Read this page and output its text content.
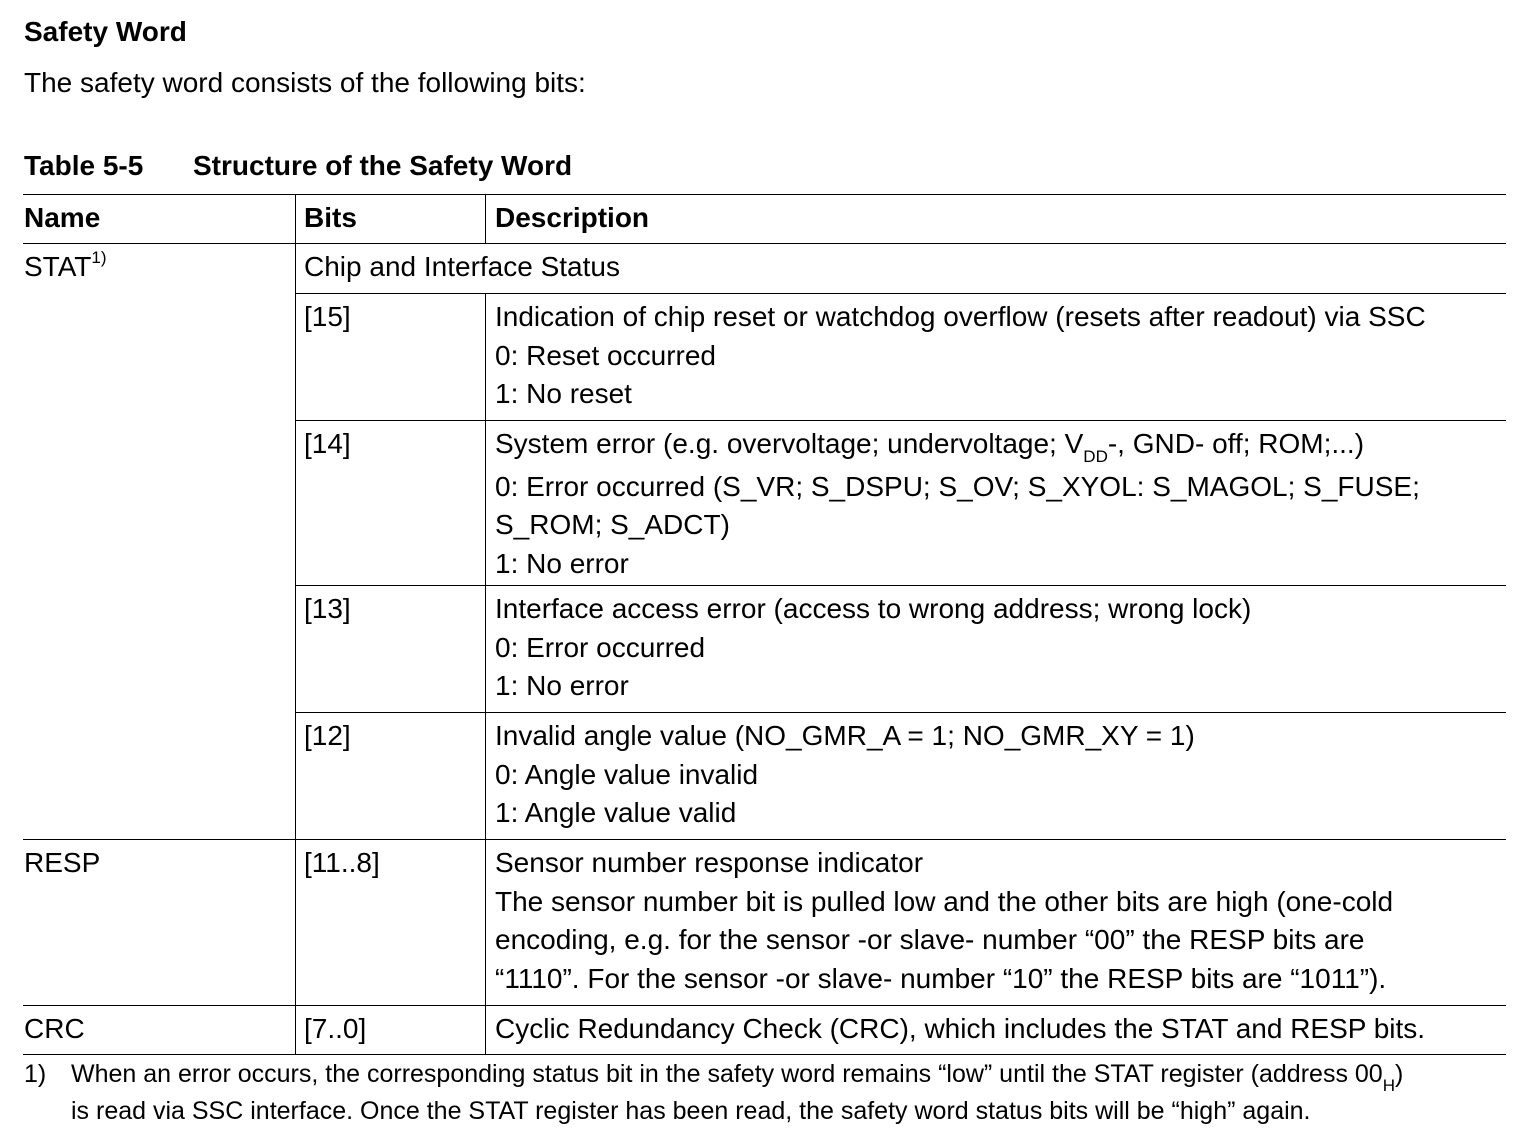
Safety Word
The safety word consists of the following bits:
Table 5-5 Structure of the Safety Word
Name	Bits	Description
STAT$^{1)}$	Chip and Interface Status
[15]	Indication of chip reset or watchdog overflow (resets after readout) via SSC
0: Reset occurred
1: No reset
[14]	System error (e.g. overvoltage; undervoltage; $V_{DD}-$, GND- off; ROM;...)
0: Error occurred (S_VR; S_DSPU; S_OV; S_XYOL: S_MAGOL; S_FUSE;
S_ROM; S_ADCT)
1: No error
[13]	Interface access error (access to wrong address; wrong lock)
0: Error occurred
1: No error
[12]	Invalid angle value (NO_GMR_A = 1; NO_GMR_XY = 1)
0: Angle value invalid
1: Angle value valid
RESP	[11..8]	Sensor number response indicator
The sensor number bit is pulled low and the other bits are high (one-cold
encoding, e.g. for the sensor -or slave- number “00” the RESP bits are
“1110”. For the sensor -or slave- number “10” the RESP bits are “1011”).
CRC	[7..0]	Cyclic Redundancy Check (CRC), which includes the STAT and RESP bits.
1) When an error occurs, the corresponding status bit in the safety word remains “low” until the STAT register (address $00_H$)
is read via SSC interface. Once the STAT register has been read, the safety word status bits will be “high” again.
